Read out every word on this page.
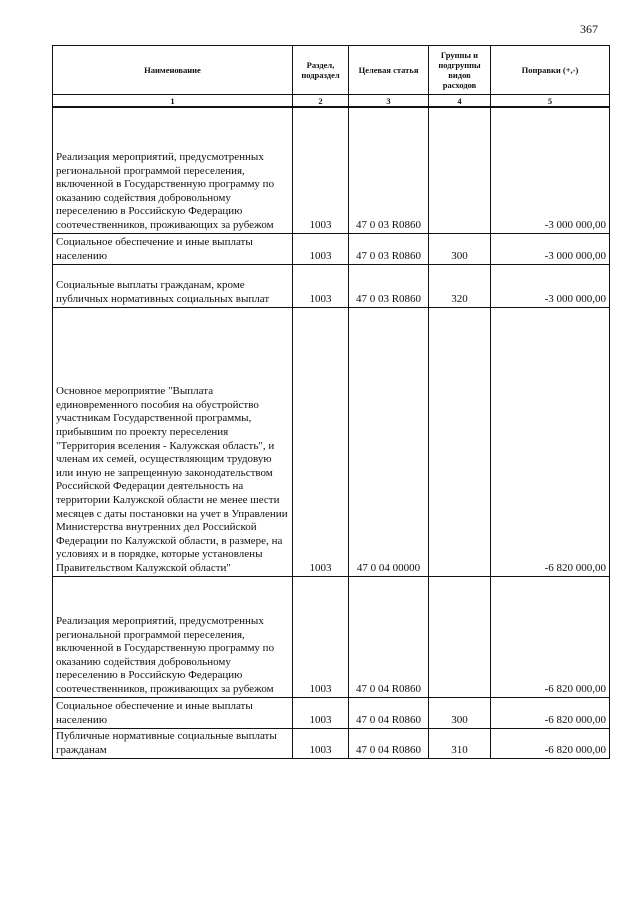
367
Наименование	Раздел, подраздел	Целевая статья	Группы и подгруппы видов расходов	Поправки (+,-)
1	2	3	4	5
Реализация мероприятий, предусмотренных региональной программой переселения, включенной в Государственную программу по оказанию содействия добровольному переселению в Российскую Федерацию соотечественников, проживающих за рубежом	1003	47 0 03 R0860		-3 000 000,00
Социальное обеспечение и иные выплаты населению	1003	47 0 03 R0860	300	-3 000 000,00
Социальные выплаты гражданам, кроме публичных нормативных социальных выплат	1003	47 0 03 R0860	320	-3 000 000,00
Основное мероприятие "Выплата единовременного пособия на обустройство участникам Государственной программы, прибывшим по проекту переселения "Территория вселения - Калужская область", и членам их семей, осуществляющим трудовую или иную не запрещенную законодательством Российской Федерации деятельность на территории Калужской области не менее шести месяцев с даты постановки на учет в Управлении Министерства внутренних дел Российской Федерации по Калужской области, в размере, на условиях и в порядке, которые установлены Правительством Калужской области"	1003	47 0 04 00000		-6 820 000,00
Реализация мероприятий, предусмотренных региональной программой переселения, включенной в Государственную программу по оказанию содействия добровольному переселению в Российскую Федерацию соотечественников, проживающих за рубежом	1003	47 0 04 R0860		-6 820 000,00
Социальное обеспечение и иные выплаты населению	1003	47 0 04 R0860	300	-6 820 000,00
Публичные нормативные социальные выплаты гражданам	1003	47 0 04 R0860	310	-6 820 000,00
